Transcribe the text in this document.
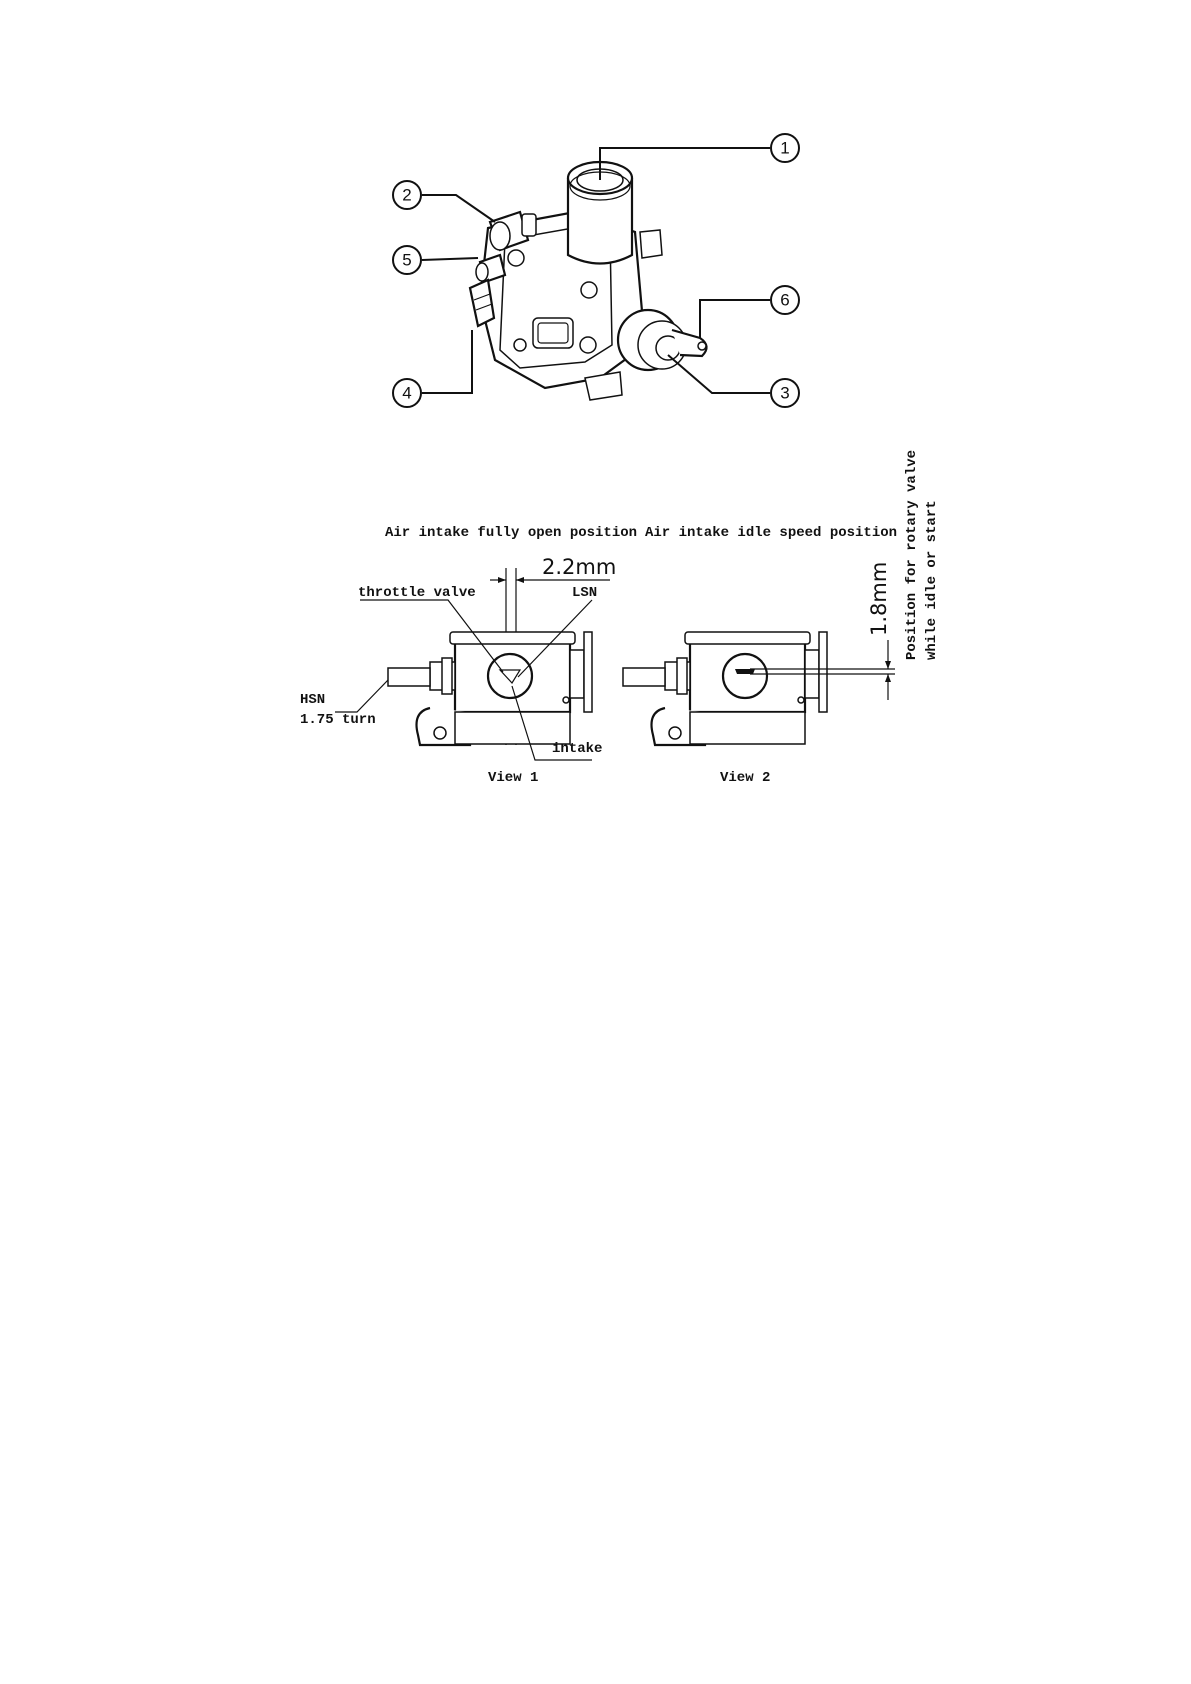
1
2
3
4
5
6
Air intake fully open position
2.2mm
throttle valve	LSN
HSN
1.75 turn
intake
View 1
Air intake idle speed position
1.8mm Position for rotary valve while idle or start
View 2
